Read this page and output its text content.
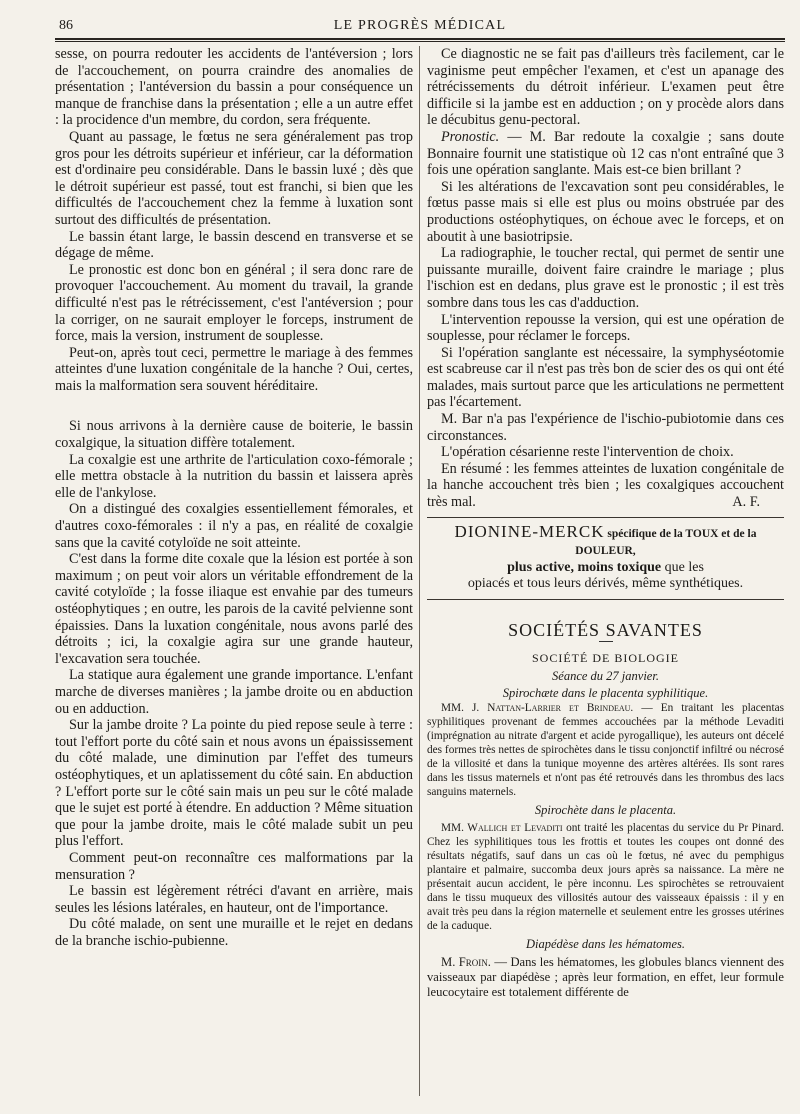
86	LE PROGRÈS MÉDICAL

sesse, on pourra redouter les accidents de l'antéversion ; lors de l'accouchement, on pourra craindre des anomalies de présentation ; l'antéversion du bassin a pour conséquence un manque de franchise dans la présentation ; elle a un autre effet : la procidence d'un membre, du cordon, sera fréquente.

Quant au passage, le fœtus ne sera généralement pas trop gros pour les détroits supérieur et inférieur, car la déformation est d'ordinaire peu considérable. Dans le bassin luxé ; dès que le détroit supérieur est passé, tout est franchi, si bien que les difficultés de l'accouchement chez la femme à luxation sont surtout des difficultés de présentation.

Le bassin étant large, le bassin descend en transverse et se dégage de même.

Le pronostic est donc bon en général ; il sera donc rare de provoquer l'accouchement. Au moment du travail, la grande difficulté n'est pas le rétrécissement, c'est l'antéversion ; pour la corriger, on ne saurait employer le forceps, instrument de force, mais la version, instrument de souplesse.

Peut-on, après tout ceci, permettre le mariage à des femmes atteintes d'une luxation congénitale de la hanche ? Oui, certes, mais la malformation sera souvent héréditaire.

Si nous arrivons à la dernière cause de boiterie, le bassin coxalgique, la situation diffère totalement.

La coxalgie est une arthrite de l'articulation coxo-fémorale ; elle mettra obstacle à la nutrition du bassin et laissera après elle de l'ankylose.

On a distingué des coxalgies essentiellement fémorales, et d'autres coxo-fémorales : il n'y a pas, en réalité de coxalgie sans que la cavité cotyloïde ne soit atteinte.

C'est dans la forme dite coxale que la lésion est portée à son maximum ; on peut voir alors un véritable effondrement de la cavité cotyloïde ; la fosse iliaque est envahie par des tumeurs ostéophytiques ; en outre, les parois de la cavité pelvienne sont épaissies. Dans la luxation congénitale, nous avons parlé des détroits ; ici, la coxalgie agira sur une grande hauteur, l'excavation sera touchée.

La statique aura également une grande importance. L'enfant marche de diverses manières ; la jambe droite ou en abduction ou en adduction.

Sur la jambe droite ? La pointe du pied repose seule à terre : tout l'effort porte du côté sain et nous avons un épaississement du côté malade, une diminution par l'effet des tumeurs ostéophytiques, et un aplatissement du côté sain. En abduction ? L'effort porte sur le côté sain mais un peu sur le côté malade que le sujet est porté à étendre. En adduction ? Même situation que pour la jambe droite, mais le côté malade subit un peu plus l'effort.

Comment peut-on reconnaître ces malformations par la mensuration ?

Le bassin est légèrement rétréci d'avant en arrière, mais seules les lésions latérales, en hauteur, ont de l'importance.

Du côté malade, on sent une muraille et le rejet en dedans de la branche ischio-pubienne.

Ce diagnostic ne se fait pas d'ailleurs très facilement, car le vaginisme peut empêcher l'examen, et c'est un apanage des rétrécissements du détroit inférieur. L'examen peut être difficile si la jambe est en adduction ; on y procède alors dans le décubitus genu-pectoral.

Pronostic. — M. Bar redoute la coxalgie ; sans doute Bonnaire fournit une statistique où 12 cas n'ont entraîné que 3 fois une opération sanglante. Mais est-ce bien brillant ?

Si les altérations de l'excavation sont peu considérables, le fœtus passe mais si elle est plus ou moins obstruée par des productions ostéophytiques, on échoue avec le forceps, et on aboutit à une basiotripsie.

La radiographie, le toucher rectal, qui permet de sentir une puissante muraille, doivent faire craindre le mariage ; plus l'ischion est en dedans, plus grave est le pronostic ; il est très sombre dans tous les cas d'adduction.

L'intervention repousse la version, qui est une opération de souplesse, pour réclamer le forceps.

Si l'opération sanglante est nécessaire, la symphyséotomie est scabreuse car il n'est pas très bon de scier des os qui ont été malades, mais surtout parce que les articulations ne permettent pas l'écartement.

M. Bar n'a pas l'expérience de l'ischio-pubiotomie dans ces circonstances.

L'opération césarienne reste l'intervention de choix.

En résumé : les femmes atteintes de luxation congénitale de la hanche accouchent très bien ; les coxalgiques accouchent très mal.	A. F.

DIONINE-MERCK spécifique de la TOUX et de la DOULEUR,
plus active, moins toxique que les
opiacés et tous leurs dérivés, même synthétiques.
SOCIÉTÉS SAVANTES
SOCIÉTÉ DE BIOLOGIE
Séance du 27 janvier.
Spirochæte dans le placenta syphilitique.

MM. J. Nattan-Larrier et Brindeau. — En traitant les placentas syphilitiques provenant de femmes accouchées par la méthode Levaditi (imprégnation au nitrate d'argent et acide pyrogallique), les auteurs ont décelé des formes très nettes de spirochètes dans le tissu conjonctif infiltré ou nécrosé de la villosité et dans la tunique moyenne des artères altérées. Ils sont rares dans les tissus maternels et n'ont pas été retrouvés dans les thrombus des lacs sanguins maternels.

Spirochète dans le placenta.

MM. Wallich et Levaditi ont traité les placentas du service du Pr Pinard. Chez les syphilitiques tous les frottis et toutes les coupes ont donné des résultats négatifs, sauf dans un cas où le fœtus, né avec du pemphigus plantaire et palmaire, succomba deux jours après sa naissance. La mère ne présentait aucun accident, le père inconnu. Les spirochètes se retrouvaient dans le tissu muqueux des villosités autour des vaisseaux épaissis : il y en avait très peu dans la région maternelle et seulement entre les grosses utérines de la caduque.

Diapédèse dans les hématomes.

M. Froin. — Dans les hématomes, les globules blancs viennent des vaisseaux par diapédèse ; après leur formation, en effet, leur formule leucocytaire est totalement différente de
